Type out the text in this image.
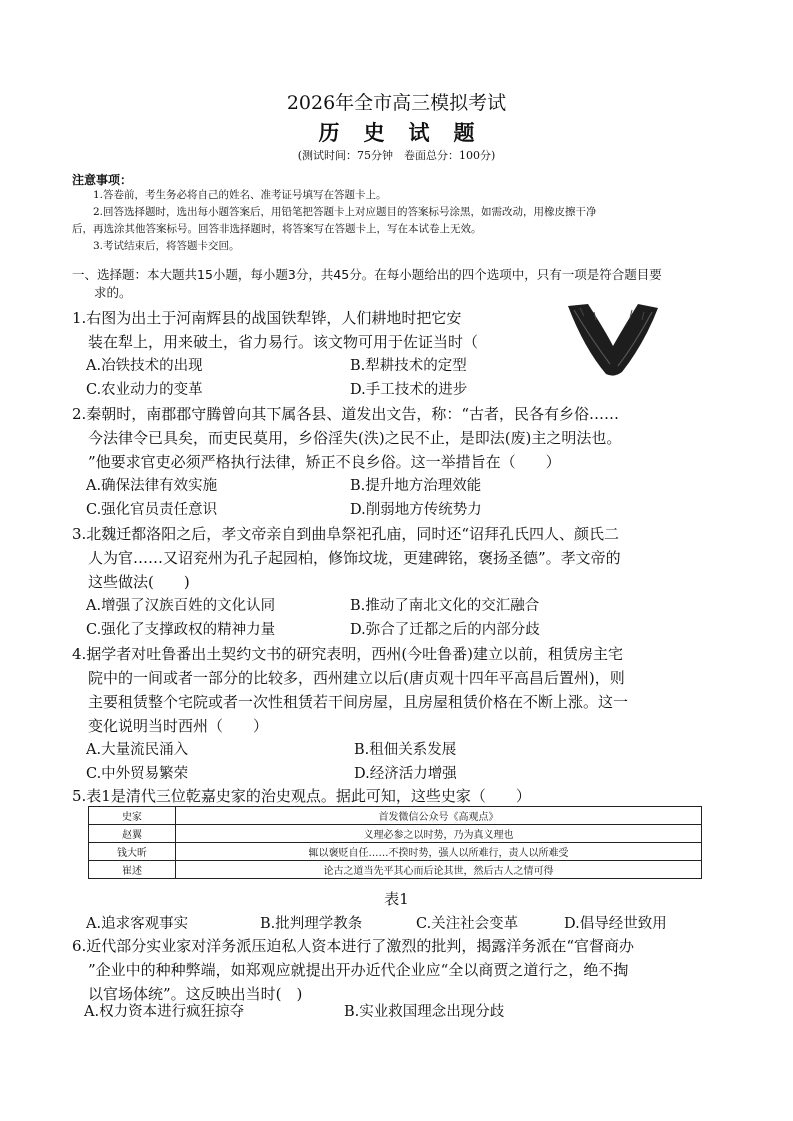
2026年全市高三模拟考试
历史试题
(测试时间：75分钟　卷面总分：100分)
注意事项：
1.答卷前，考生务必将自己的姓名、准考证号填写在答题卡上。
2.回答选择题时，选出每小题答案后，用铅笔把答题卡上对应题目的答案标号涂黑，如需改动，用橡皮擦干净
后，再选涂其他答案标号。回答非选择题时，将答案写在答题卡上，写在本试卷上无效。
3.考试结束后，将答题卡交回。
一、选择题：本大题共15小题，每小题3分，共45分。在每小题给出的四个选项中，只有一项是符合题目要
求的。

1.右图为出土于河南辉县的战国铁犁铧，人们耕地时把它安

装在犁上，用来破土，省力易行。该文物可用于佐证当时（

A.冶铁技术的出现	B.犁耕技术的定型
C.农业动力的变革	D.手工技术的进步

2.秦朝时，南郡郡守腾曾向其下属各县、道发出文告，称：“古者，民各有乡俗……

今法律令已具矣，而吏民莫用，乡俗淫失(泆)之民不止，是即法(废)主之明法也。

”他要求官吏必须严格执行法律，矫正不良乡俗。这一举措旨在（　　）

A.确保法律有效实施	B.提升地方治理效能
C.强化官员责任意识	D.削弱地方传统势力

3.北魏迁都洛阳之后，孝文帝亲自到曲阜祭祀孔庙，同时还“诏拜孔氏四人、颜氏二

人为官……又诏兖州为孔子起园柏，修饰坟垅，更建碑铭，褒扬圣德”。孝文帝的

这些做法(　　)

A.增强了汉族百姓的文化认同	B.推动了南北文化的交汇融合
C.强化了支撑政权的精神力量	D.弥合了迁都之后的内部分歧

4.据学者对吐鲁番出土契约文书的研究表明，西州(今吐鲁番)建立以前，租赁房主宅

院中的一间或者一部分的比较多，西州建立以后(唐贞观十四年平高昌后置州)，则

主要租赁整个宅院或者一次性租赁若干间房屋，且房屋租赁价格在不断上涨。这一

变化说明当时西州（　　）

A.大量流民涌入	B.租佃关系发展
C.中外贸易繁荣	D.经济活力增强

5.表1是清代三位乾嘉史家的治史观点。据此可知，这些史家（　　）

史家	首发微信公众号《高观点》
赵翼	义理必参之以时势，乃为真义理也
钱大昕	辄以褒贬自任……不揆时势，强人以所难行，责人以所难受
崔述	论古之道当先平其心而后论其世，然后古人之情可得
表1
A.追求客观事实	B.批判理学教条	C.关注社会变革	D.倡导经世致用

6.近代部分实业家对洋务派压迫私人资本进行了激烈的批判，揭露洋务派在“官督商办

”企业中的种种弊端，如郑观应就提出开办近代企业应“全以商贾之道行之，绝不掏

以官场体统”。这反映出当时(　)

A.权力资本进行疯狂掠夺	B.实业救国理念出现分歧
